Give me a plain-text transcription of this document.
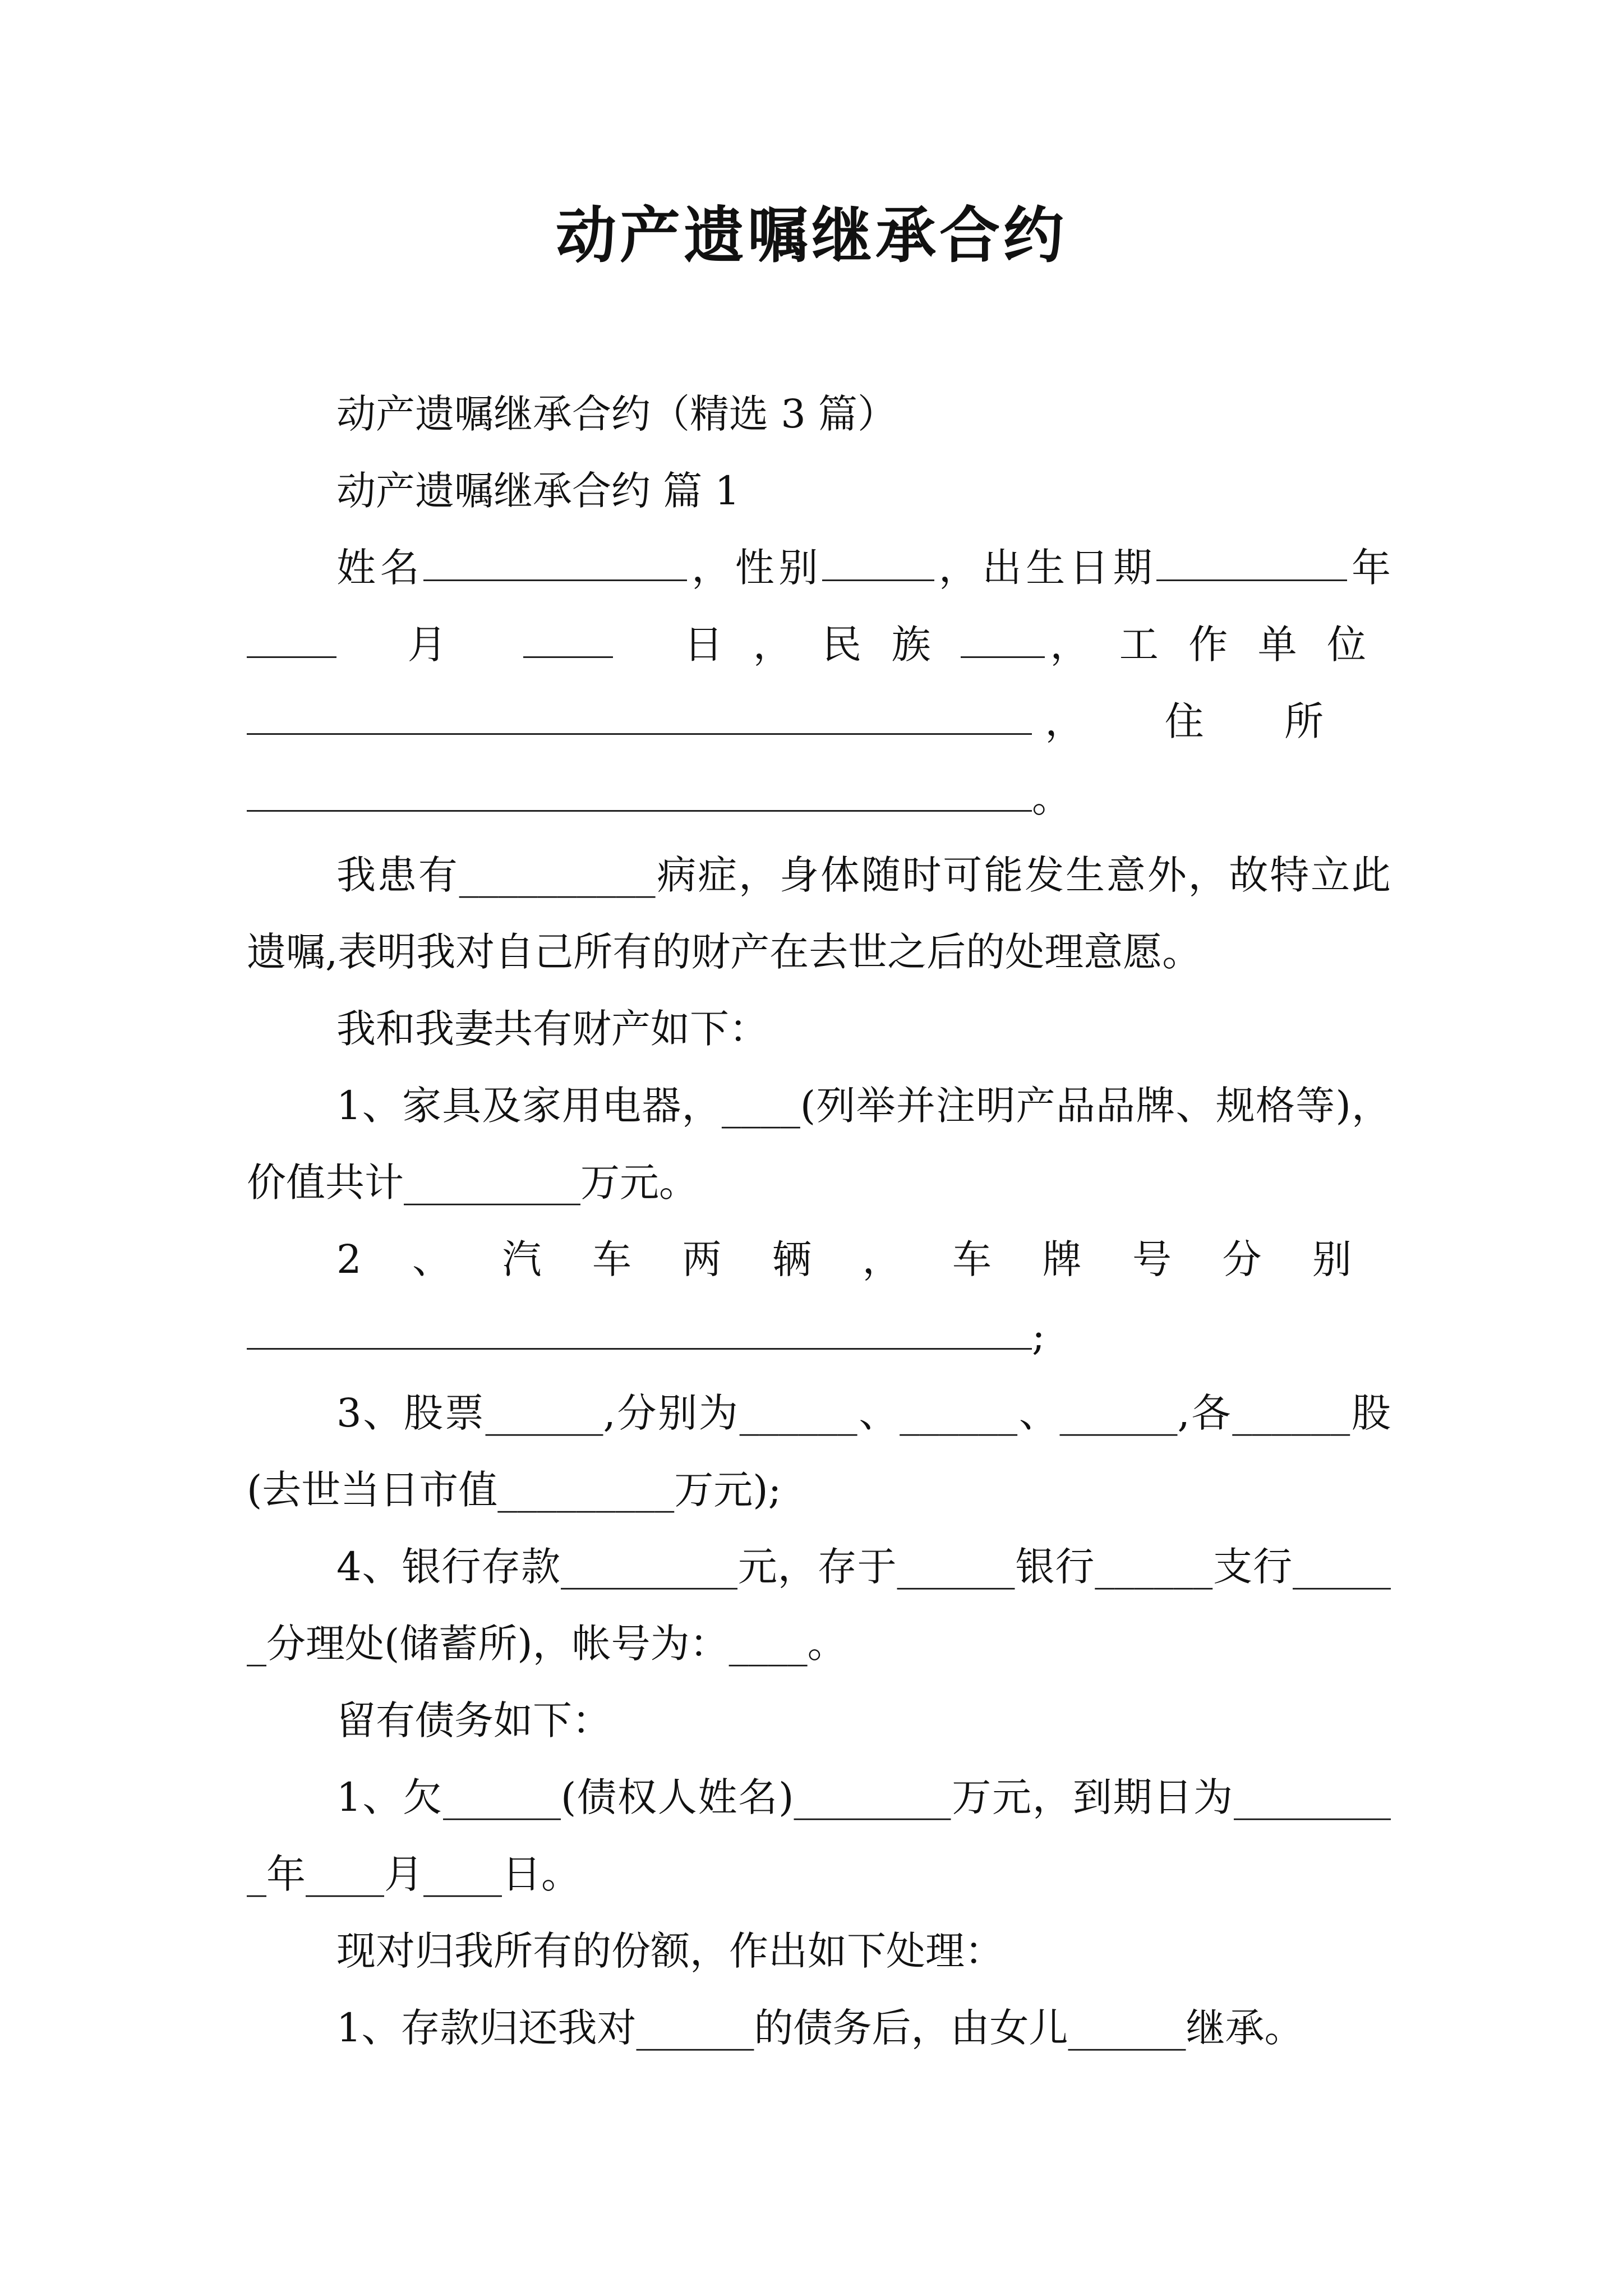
动产遗嘱继承合约

动产遗嘱继承合约（精选 3 篇）

动产遗嘱继承合约 篇 1

姓名	，性别	，出生日期	年     月	日，民族 ，工作单位 ，住所 。

我患有__________病症，身体随时可能发生意外，故特立此遗嘱,表明我对自己所有的财产在去世之后的处理意愿。

我和我妻共有财产如下：

1、家具及家用电器，____(列举并注明产品品牌、规格等)，价值共计_________万元。

2、汽车两辆，车牌号分别

;

3、股票______,分别为______、______、______,各______股(去世当日市值_________万元);

4、银行存款_________元，存于______银行______支行______分理处(储蓄所)，帐号为：____。

留有债务如下：

1、欠______(债权人姓名)________万元，到期日为_________年____月____日。

现对归我所有的份额，作出如下处理：

1、存款归还我对______的债务后，由女儿______继承。
